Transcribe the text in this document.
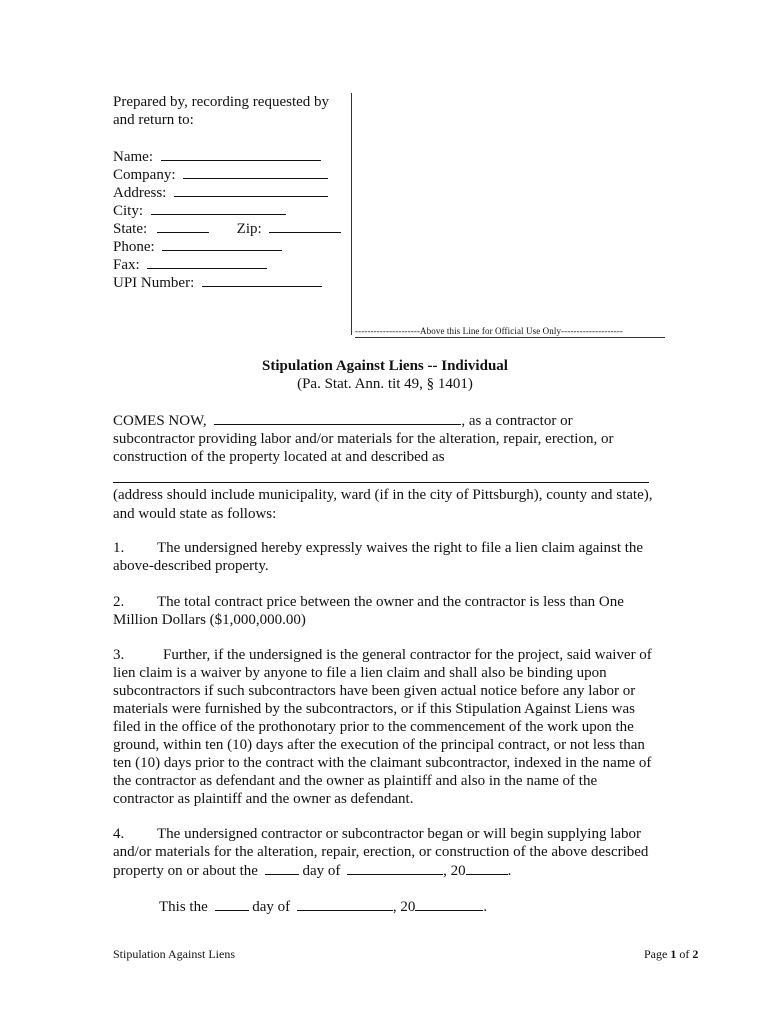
Prepared by, recording requested by and return to:

Name:
Company:
Address:
City:
State:	Zip:
Phone:
Fax:
UPI Number:
---------------------Above this Line for Official Use Only--------------------
Stipulation Against Liens -- Individual
(Pa. Stat. Ann. tit 49, § 1401)
COMES NOW,	, as a contractor or

subcontractor providing labor and/or materials for the alteration, repair, erection, or construction of the property located at and described as

(address should include municipality, ward (if in the city of Pittsburgh), county and state), and would state as follows:

1. The undersigned hereby expressly waives the right to file a lien claim against the above-described property.

2. The total contract price between the owner and the contractor is less than One Million Dollars ($1,000,000.00)

3.	Further, if the undersigned is the general contractor for the project, said waiver of lien claim is a waiver by anyone to file a lien claim and shall also be binding upon subcontractors if such subcontractors have been given actual notice before any labor or materials were furnished by the subcontractors, or if this Stipulation Against Liens was filed in the office of the prothonotary prior to the commencement of the work upon the ground, within ten (10) days after the execution of the principal contract, or not less than ten (10) days prior to the contract with the claimant subcontractor, indexed in the name of the contractor as defendant and the owner as plaintiff and also in the name of the contractor as plaintiff and the owner as defendant.

4. The undersigned contractor or subcontractor began or will begin supplying labor and/or materials for the alteration, repair, erection, or construction of the above described

property on or about the	day of	, 20	.
This the	day of	, 20	.
Stipulation Against Liens	Page 1 of 2
